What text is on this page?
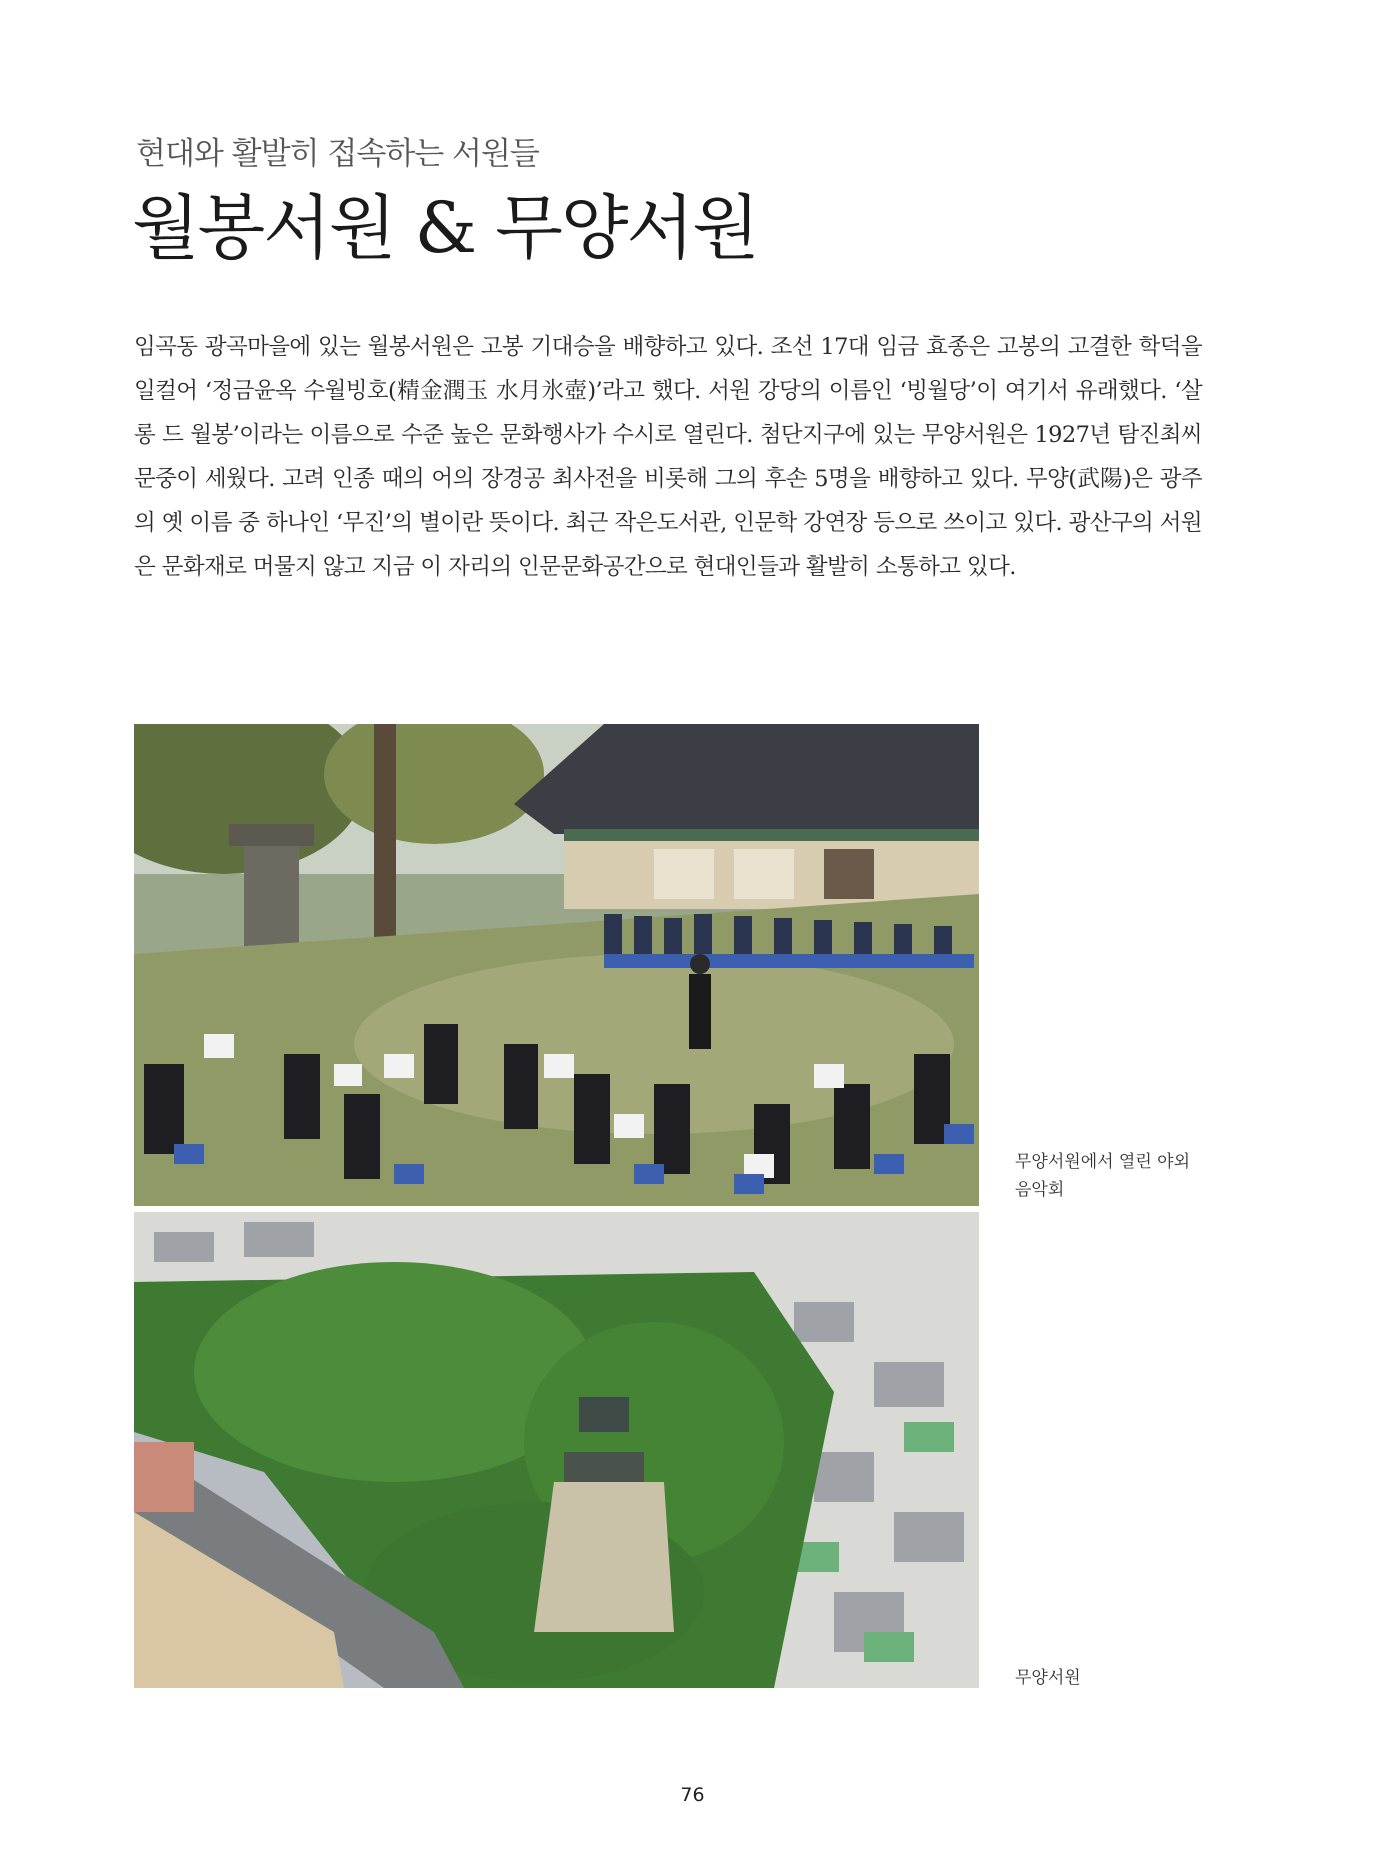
현대와 활발히 접속하는 서원들
월봉서원 & 무양서원
임곡동 광곡마을에 있는 월봉서원은 고봉 기대승을 배향하고 있다. 조선 17대 임금 효종은 고봉의 고결한 학덕을 일컬어 ‘정금윤옥 수월빙호(精金潤玉 水月氷壺)’라고 했다. 서원 강당의 이름인 ‘빙월당’이 여기서 유래했다. ‘살롱 드 월봉’이라는 이름으로 수준 높은 문화행사가 수시로 열린다. 첨단지구에 있는 무양서원은 1927년 탐진최씨 문중이 세웠다. 고려 인종 때의 어의 장경공 최사전을 비롯해 그의 후손 5명을 배향하고 있다. 무양(武陽)은 광주의 옛 이름 중 하나인 ‘무진’의 별이란 뜻이다. 최근 작은도서관, 인문학 강연장 등으로 쓰이고 있다. 광산구의 서원은 문화재로 머물지 않고 지금 이 자리의 인문문화공간으로 현대인들과 활발히 소통하고 있다.
무양서원에서 열린 야외음악회
무양서원
76
